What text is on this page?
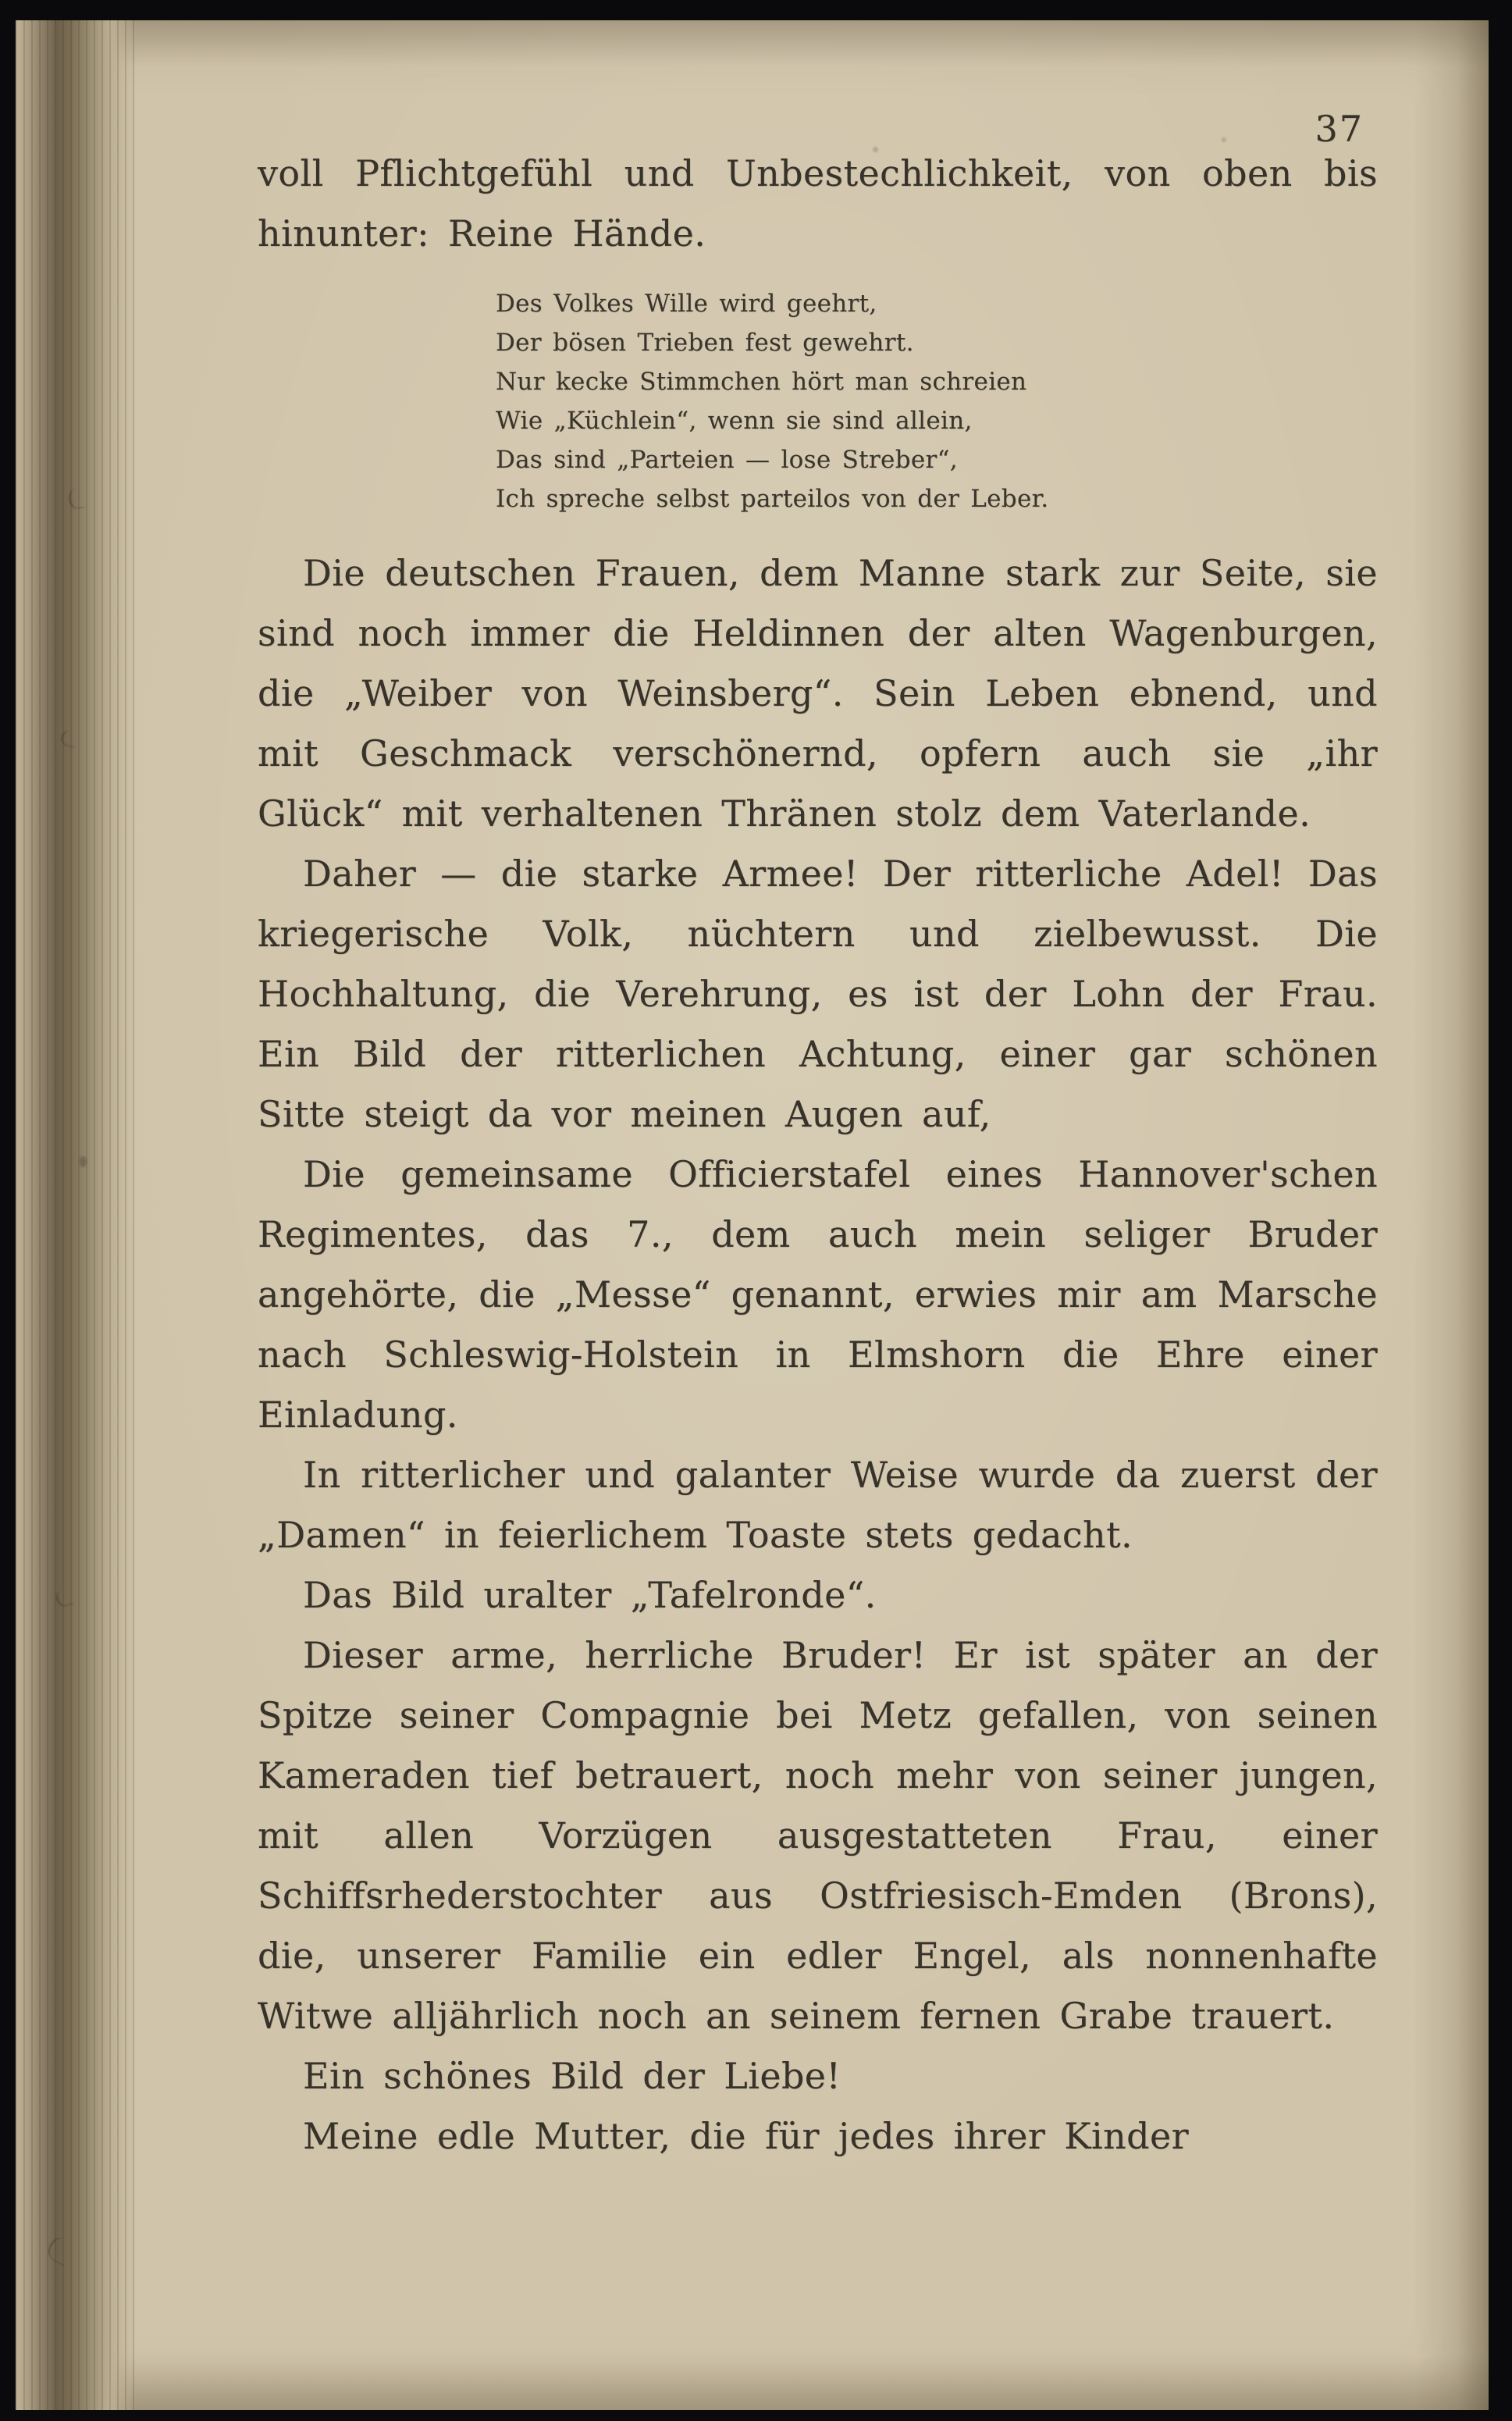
37

voll Pflichtgefühl und Unbestechlichkeit, von oben bis hinunter: Reine Hände.

Des Volkes Wille wird geehrt,
Der bösen Trieben fest gewehrt.
Nur kecke Stimmchen hört man schreien
Wie „Küchlein“, wenn sie sind allein,
Das sind „Parteien — lose Streber“,
Ich spreche selbst parteilos von der Leber.

Die deutschen Frauen, dem Manne stark zur Seite, sie sind noch immer die Heldinnen der alten Wagenburgen, die „Weiber von Weinsberg“. Sein Leben ebnend, und mit Geschmack verschönernd, opfern auch sie „ihr Glück“ mit verhaltenen Thränen stolz dem Vaterlande.

Daher — die starke Armee! Der ritterliche Adel! Das kriegerische Volk, nüchtern und zielbewusst. Die Hochhaltung, die Verehrung, es ist der Lohn der Frau. Ein Bild der ritterlichen Achtung, einer gar schönen Sitte steigt da vor meinen Augen auf,

Die gemeinsame Officierstafel eines Hannover'schen Regimentes, das 7., dem auch mein seliger Bruder angehörte, die „Messe“ genannt, erwies mir am Marsche nach Schleswig-Holstein in Elmshorn die Ehre einer Einladung.

In ritterlicher und galanter Weise wurde da zuerst der „Damen“ in feierlichem Toaste stets gedacht.

Das Bild uralter „Tafelronde“.

Dieser arme, herrliche Bruder! Er ist später an der Spitze seiner Compagnie bei Metz gefallen, von seinen Kameraden tief betrauert, noch mehr von seiner jungen, mit allen Vorzügen ausgestatteten Frau, einer Schiffsrhederstochter aus Ostfriesisch-Emden (Brons), die, unserer Familie ein edler Engel, als nonnenhafte Witwe alljährlich noch an seinem fernen Grabe trauert.

Ein schönes Bild der Liebe!

Meine edle Mutter, die für jedes ihrer Kinder
